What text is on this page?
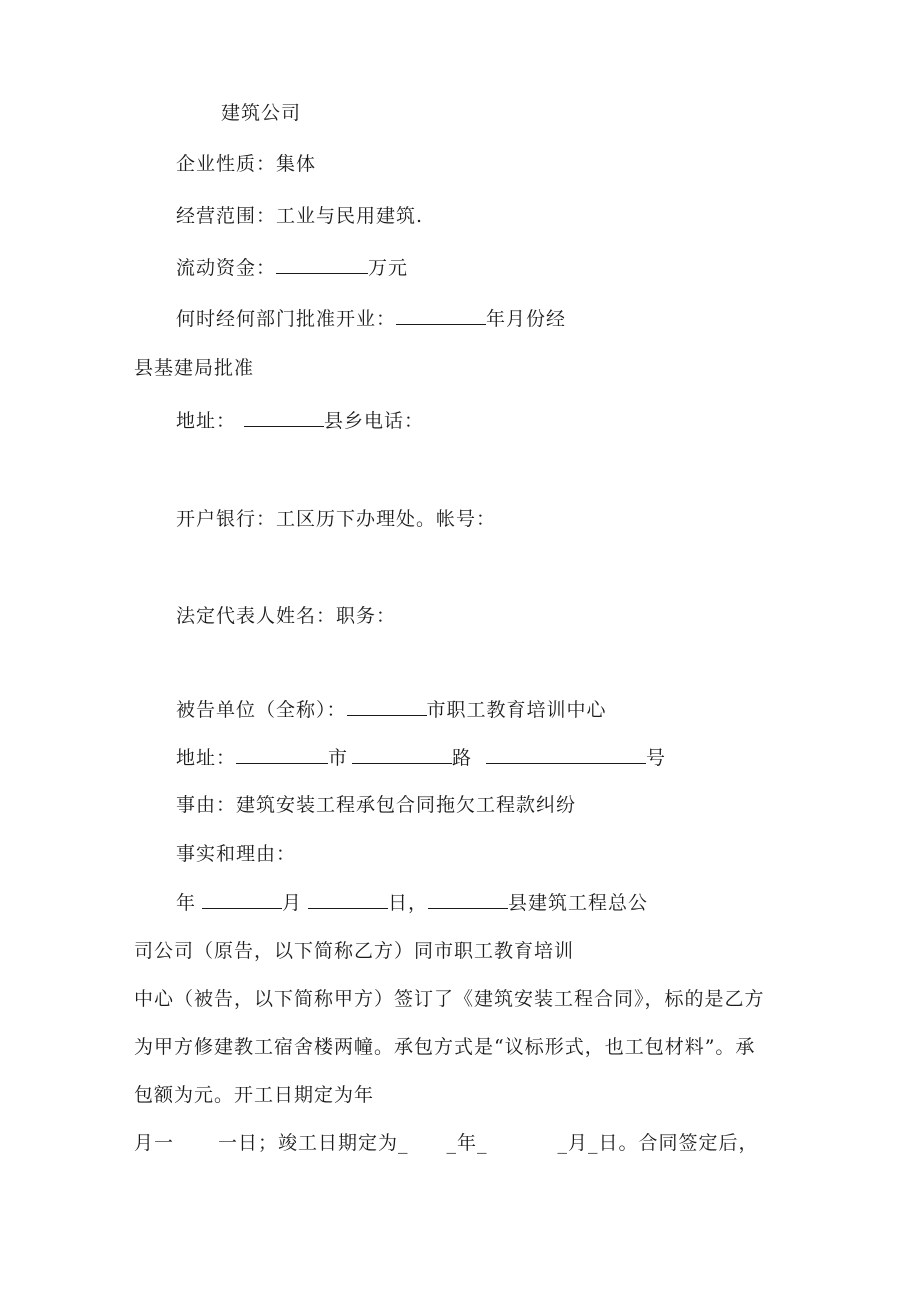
建筑公司
企业性质：集体
经营范围：工业与民用建筑.
流动资金：	万元
何时经何部门批准开业：	年月份经
县基建局批准
地址：	县乡电话：
开户银行：工区历下办理处。帐号：
法定代表人姓名：职务：
被告单位（全称）：	市职工教育培训中心
地址：	市	路	号
事由：建筑安装工程承包合同拖欠工程款纠纷
事实和理由：
年	月	日，	县建筑工程总公
司公司（原告，以下简称乙方）同市职工教育培训
中心（被告，以下简称甲方）签订了《建筑安装工程合同》，标的是乙方
为甲方修建教工宿舍楼两幢。承包方式是“议标形式，也工包材料”。承
包额为元。开工日期定为年
月一 一日；竣工日期定为_ _年_	_月_日。合同签定后，
